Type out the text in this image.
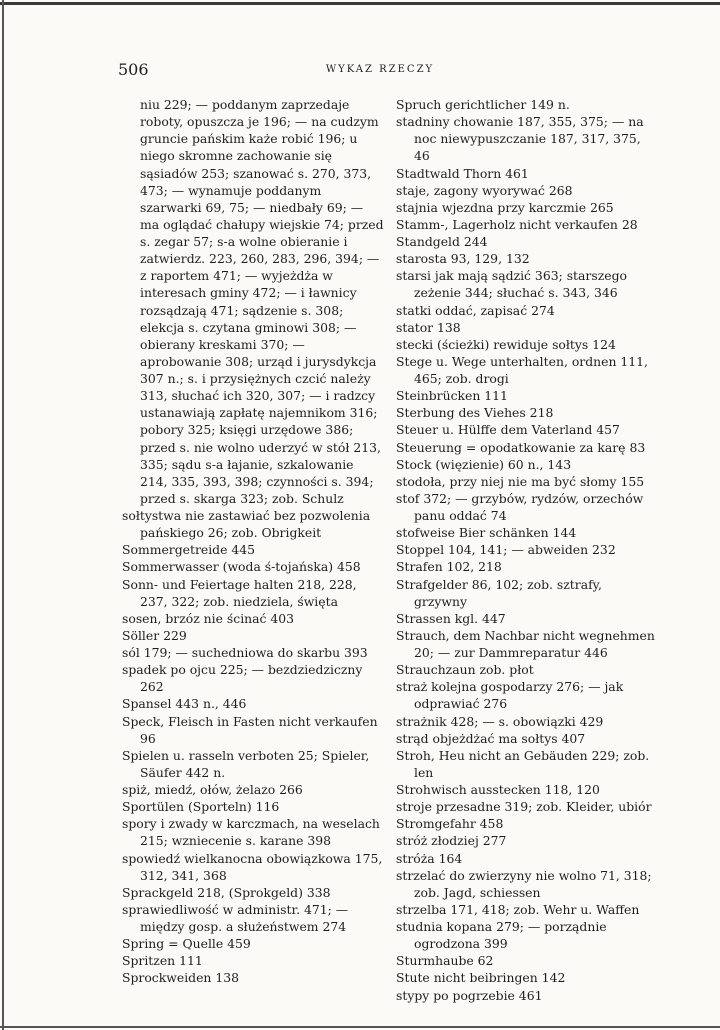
506	WYKAZ RZECZY
niu 229; — poddanym zaprzedaje roboty, opuszcza je 196; — na cudzym gruncie pańskim każe robić 196; u niego skromne zachowanie się sąsiadów 253; szanować s. 270, 373, 473; — wynamuje poddanym szarwarki 69, 75; — niedbały 69; — ma oglądać chałupy wiejskie 74; przed s. zegar 57; s-a wolne obieranie i zatwierdz. 223, 260, 283, 296, 394; — z raportem 471; — wyjeżdża w interesach gminy 472; — i ławnicy rozsądzają 471; sądzenie s. 308; elekcja s. czytana gminowi 308; — obierany kreskami 370; — aprobowanie 308; urząd i jurysdykcja 307 n.; s. i przysiężnych czcić należy 313, słuchać ich 320, 307; — i radzcy ustanawiają zapłatę najemnikom 316; pobory 325; księgi urzędowe 386; przed s. nie wolno uderzyć w stół 213, 335; sądu s-a łajanie, szkalowanie 214, 335, 393, 398; czynności s. 394; przed s. skarga 323; zob. Schulz
sołtystwa nie zastawiać bez pozwolenia pańskiego 26; zob. Obrigkeit
Sommergetreide 445
Sommerwasser (woda ś-tojańska) 458
Sonn- und Feiertage halten 218, 228, 237, 322; zob. niedziela, święta
sosen, brzóz nie ścinać 403
Söller 229
sól 179; — suchedniowa do skarbu 393
spadek po ojcu 225; — bezdziedziczny 262
Spansel 443 n., 446
Speck, Fleisch in Fasten nicht verkaufen 96
Spielen u. rasseln verboten 25; Spieler, Säufer 442 n.
spiż, miedź, ołów, żelazo 266
Sportülen (Sporteln) 116
spory i zwady w karczmach, na weselach 215; wzniecenie s. karane 398
spowiedź wielkanocna obowiązkowa 175, 312, 341, 368
Sprackgeld 218, (Sprokgeld) 338
sprawiedliwość w administr. 471; — między gosp. a służeństwem 274
Spring = Quelle 459
Spritzen 111
Sprockweiden 138
Spruch gerichtlicher 149 n.
stadniny chowanie 187, 355, 375; — na noc niewypuszczanie 187, 317, 375, 46
Stadtwald Thorn 461
staje, zagony wyorywać 268
stajnia wjezdna przy karczmie 265
Stamm-, Lagerholz nicht verkaufen 28
Standgeld 244
starosta 93, 129, 132
starsi jak mają sądzić 363; starszego zeżenie 344; słuchać s. 343, 346
statki oddać, zapisać 274
stator 138
stecki (ścieżki) rewiduje sołtys 124
Stege u. Wege unterhalten, ordnen 111, 465; zob. drogi
Steinbrücken 111
Sterbung des Viehes 218
Steuer u. Hülffe dem Vaterland 457
Steuerung = opodatkowanie za karę 83
Stock (więzienie) 60 n., 143
stodoła, przy niej nie ma być słomy 155
stof 372; — grzybów, rydzów, orzechów panu oddać 74
stofweise Bier schänken 144
Stoppel 104, 141; — abweiden 232
Strafen 102, 218
Strafgelder 86, 102; zob. sztrafy, grzywny
Strassen kgl. 447
Strauch, dem Nachbar nicht wegnehmen 20; — zur Dammreparatur 446
Strauchzaun zob. płot
straż kolejna gospodarzy 276; — jak odprawiać 276
strażnik 428; — s. obowiązki 429
strąd objeżdżać ma sołtys 407
Stroh, Heu nicht an Gebäuden 229; zob. len
Strohwisch ausstecken 118, 120
stroje przesadne 319; zob. Kleider, ubiór
Stromgefahr 458
stróż złodziej 277
stróża 164
strzelać do zwierzyny nie wolno 71, 318; zob. Jagd, schiessen
strzelba 171, 418; zob. Wehr u. Waffen
studnia kopana 279; — porządnie ogrodzona 399
Sturmhaube 62
Stute nicht beibringen 142
stypy po pogrzebie 461
